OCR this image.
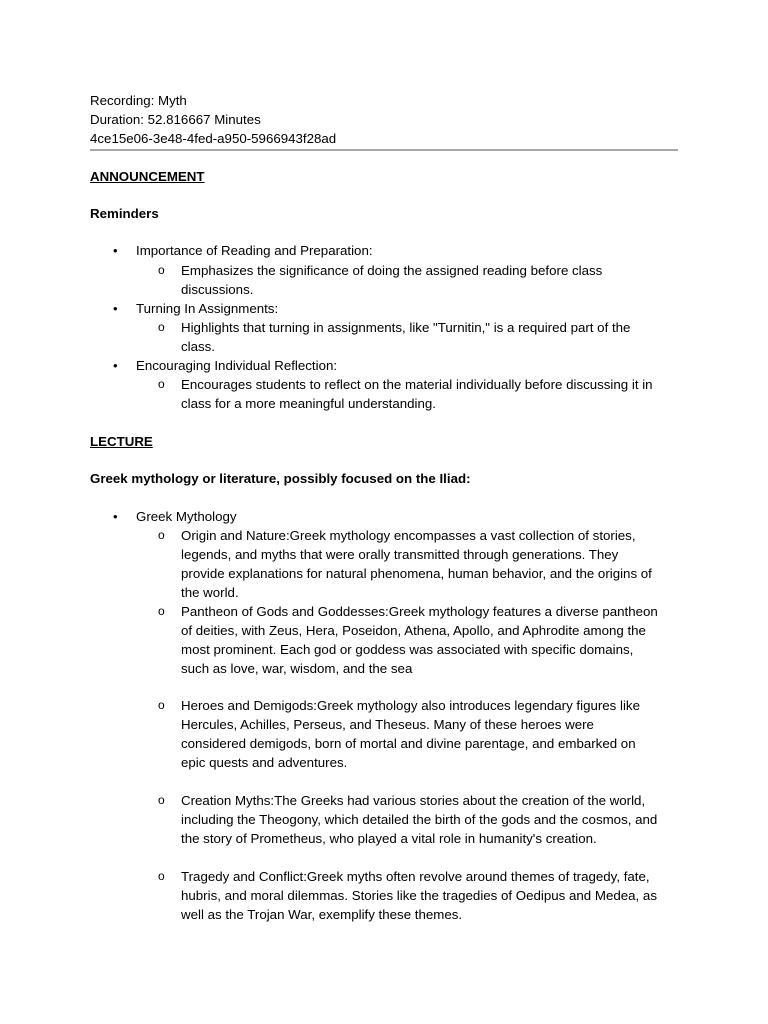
Recording: Myth
Duration: 52.816667 Minutes
4ce15e06-3e48-4fed-a950-5966943f28ad
ANNOUNCEMENT
Reminders
• Importance of Reading and Preparation:
o Emphasizes the significance of doing the assigned reading before class
discussions.
• Turning In Assignments:
o Highlights that turning in assignments, like "Turnitin," is a required part of the
class.
• Encouraging Individual Reflection:
o Encourages students to reflect on the material individually before discussing it in
class for a more meaningful understanding.
LECTURE
Greek mythology or literature, possibly focused on the Iliad:
• Greek Mythology
o Origin and Nature:Greek mythology encompasses a vast collection of stories,
legends, and myths that were orally transmitted through generations. They
provide explanations for natural phenomena, human behavior, and the origins of
the world.
o Pantheon of Gods and Goddesses:Greek mythology features a diverse pantheon
of deities, with Zeus, Hera, Poseidon, Athena, Apollo, and Aphrodite among the
most prominent. Each god or goddess was associated with specific domains,
such as love, war, wisdom, and the sea
o Heroes and Demigods:Greek mythology also introduces legendary figures like
Hercules, Achilles, Perseus, and Theseus. Many of these heroes were
considered demigods, born of mortal and divine parentage, and embarked on
epic quests and adventures.
o Creation Myths:The Greeks had various stories about the creation of the world,
including the Theogony, which detailed the birth of the gods and the cosmos, and
the story of Prometheus, who played a vital role in humanity's creation.
o Tragedy and Conflict:Greek myths often revolve around themes of tragedy, fate,
hubris, and moral dilemmas. Stories like the tragedies of Oedipus and Medea, as
well as the Trojan War, exemplify these themes.
